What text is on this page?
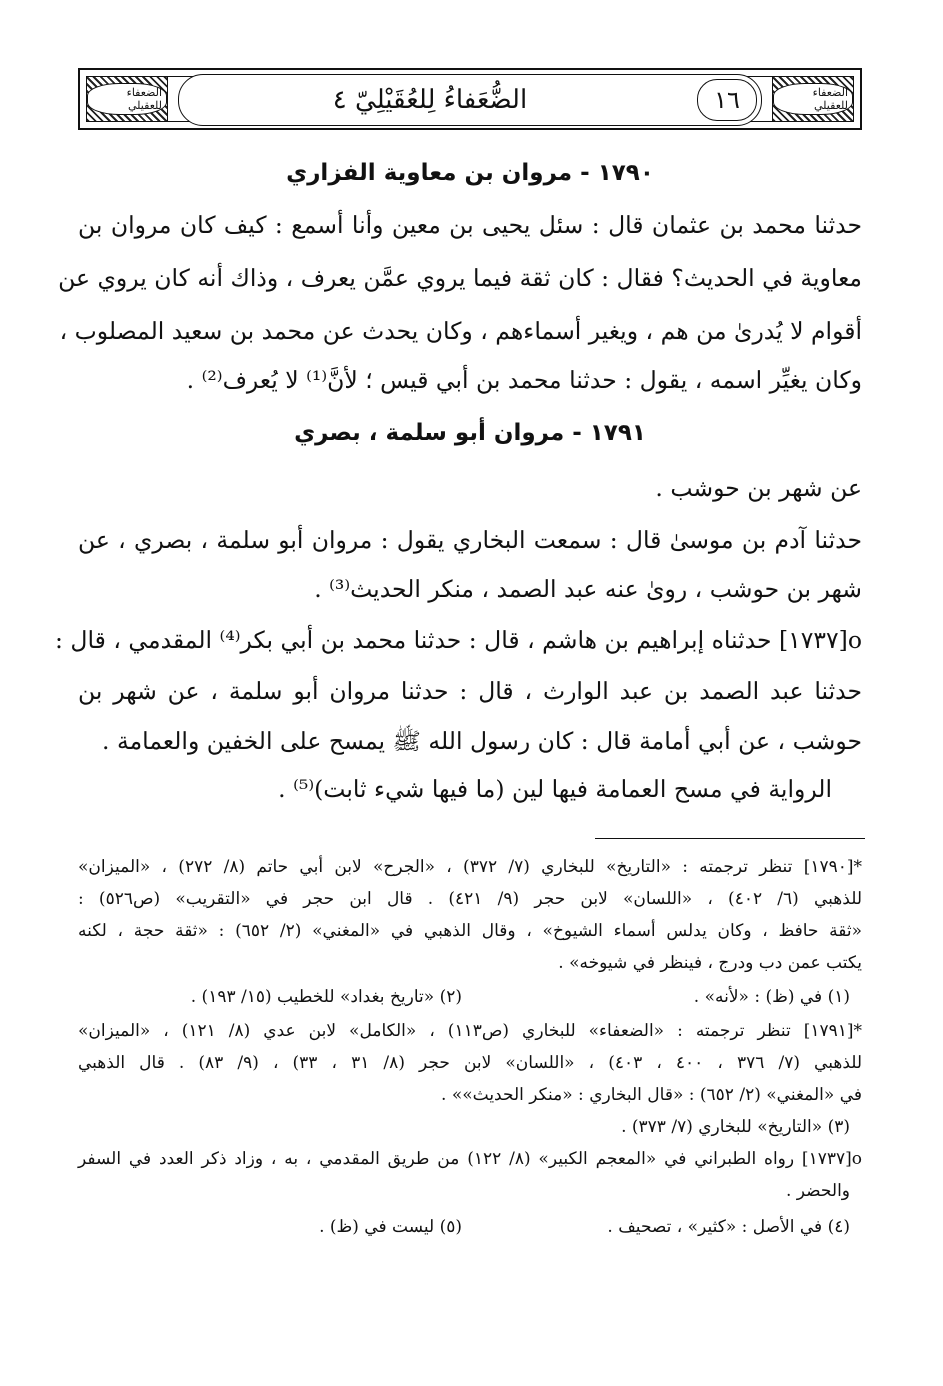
الضعفاء للعقيلي
الضعفاء للعقيلي
الضُّعَفاءُ لِلعُقَيْلِيّ ٤	١٦
١٧٩٠ - مروان بن معاوية الفزاري
حدثنا محمد بن عثمان قال : سئل يحيى بن معين وأنا أسمع : كيف كان مروان بن
معاوية في الحديث؟ فقال : كان ثقة فيما يروي عمَّن يعرف ، وذاك أنه كان يروي عن
أقوام لا يُدرىٰ من هم ، ويغير أسماءهم ، وكان يحدث عن محمد بن سعيد المصلوب ،
وكان يغيِّر اسمه ، يقول : حدثنا محمد بن أبي قيس ؛ لأنَّ⁽¹⁾ لا يُعرف⁽²⁾ .
١٧٩١ - مروان أبو سلمة ، بصري
عن شهر بن حوشب .
حدثنا آدم بن موسىٰ قال : سمعت البخاري يقول : مروان أبو سلمة ، بصري ، عن
شهر بن حوشب ، روىٰ عنه عبد الصمد ، منكر الحديث⁽³⁾ .
o[١٧٣٧] حدثناه إبراهيم بن هاشم ، قال : حدثنا محمد بن أبي بكر⁽⁴⁾ المقدمي ، قال :
حدثنا عبد الصمد بن عبد الوارث ، قال : حدثنا مروان أبو سلمة ، عن شهر بن
حوشب ، عن أبي أمامة قال : كان رسول الله ﷺ يمسح على الخفين والعمامة .
الرواية في مسح العمامة فيها لين (ما فيها شيء ثابت)⁽⁵⁾ .
*[١٧٩٠] تنظر ترجمته : «التاريخ» للبخاري (٧/ ٣٧٢) ، «الجرح» لابن أبي حاتم (٨/ ٢٧٢) ، «الميزان»
للذهبي (٦/ ٤٠٢) ، «اللسان» لابن حجر (٩/ ٤٢١) . قال ابن حجر في «التقريب» (ص٥٢٦) :
«ثقة حافظ ، وكان يدلس أسماء الشيوخ» ، وقال الذهبي في «المغني» (٢/ ٦٥٢) : «ثقة حجة ، لكنه
يكتب عمن دب ودرج ، فينظر في شيوخه» .
(١) في (ظ) : «لأنه» .
(٢) «تاريخ بغداد» للخطيب (١٥/ ١٩٣) .
*[١٧٩١] تنظر ترجمته : «الضعفاء» للبخاري (ص١١٣) ، «الكامل» لابن عدي (٨/ ١٢١) ، «الميزان»
للذهبي (٧/ ٣٧٦ ، ٤٠٠ ، ٤٠٣) ، «اللسان» لابن حجر (٨/ ٣١ ، ٣٣) ، (٩/ ٨٣) . قال الذهبي
في «المغني» (٢/ ٦٥٢) : «قال البخاري : «منكر الحديث»» .
(٣) «التاريخ» للبخاري (٧/ ٣٧٣) .
o[١٧٣٧] رواه الطبراني في «المعجم الكبير» (٨/ ١٢٢) من طريق المقدمي ، به ، وزاد ذكر العدد في السفر
والحضر .
(٤) في الأصل : «كثير» ، تصحيف .
(٥) ليست في (ظ) .
